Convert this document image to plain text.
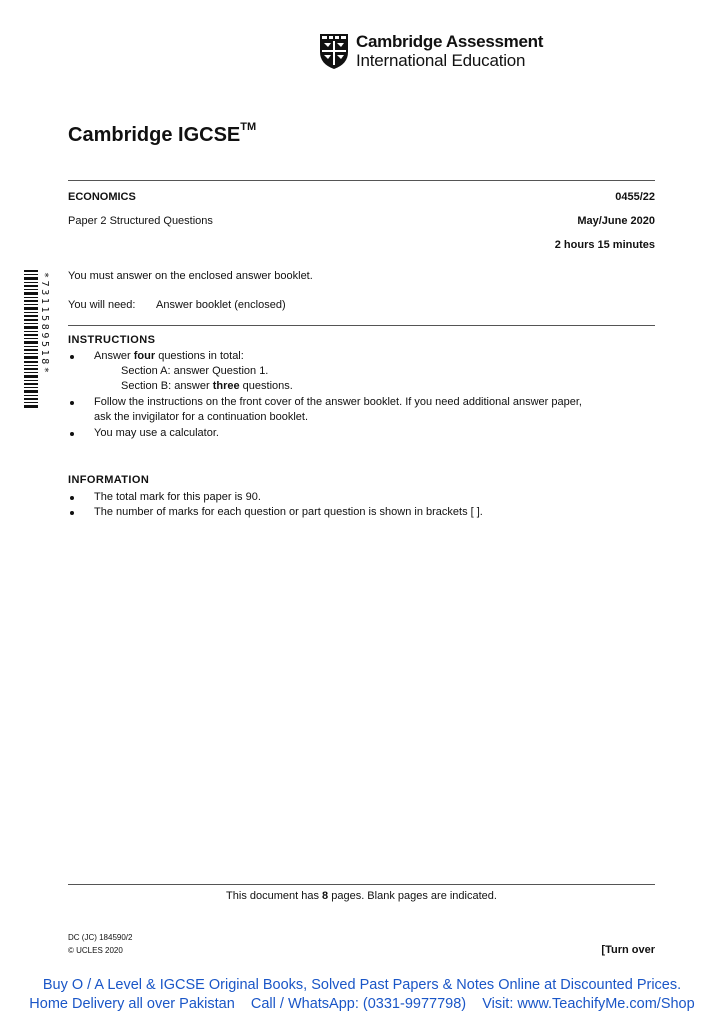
Cambridge Assessment
International Education
Cambridge IGCSE™
ECONOMICS	0455/22
Paper 2 Structured Questions	May/June 2020
2 hours 15 minutes
*7311589518*
You must answer on the enclosed answer booklet.
You will need: Answer booklet (enclosed)
INSTRUCTIONS
Answer four questions in total:
Section A: answer Question 1.
Section B: answer three questions.
Follow the instructions on the front cover of the answer booklet. If you need additional answer paper,
ask the invigilator for a continuation booklet.
You may use a calculator.
INFORMATION
The total mark for this paper is 90.
The number of marks for each question or part question is shown in brackets [ ].
This document has 8 pages. Blank pages are indicated.
DC (JC) 184590/2
© UCLES 2020	[Turn over
Buy O / A Level & IGCSE Original Books, Solved Past Papers & Notes Online at Discounted Prices.
Home Delivery all over Pakistan    Call / WhatsApp: (0331-9977798)    Visit: www.TeachifyMe.com/Shop
